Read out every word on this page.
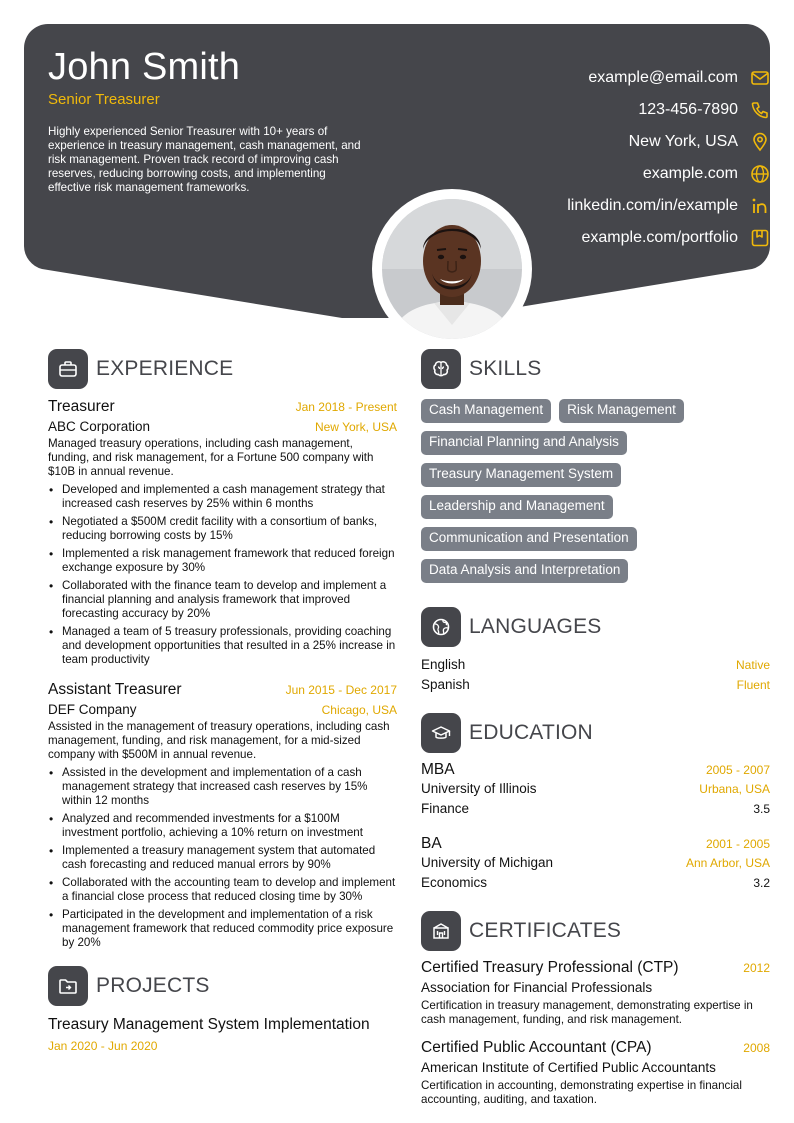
John Smith
Senior Treasurer
Highly experienced Senior Treasurer with 10+ years of experience in treasury management, cash management, and risk management. Proven track record of improving cash reserves, reducing borrowing costs, and implementing effective risk management frameworks.
example@email.com
123-456-7890
New York, USA
example.com
linkedin.com/in/example
example.com/portfolio
EXPERIENCE
Treasurer	Jan 2018 - Present
ABC Corporation	New York, USA
Managed treasury operations, including cash management, funding, and risk management, for a Fortune 500 company with $10B in annual revenue.
• Developed and implemented a cash management strategy that increased cash reserves by 25% within 6 months
• Negotiated a $500M credit facility with a consortium of banks, reducing borrowing costs by 15%
• Implemented a risk management framework that reduced foreign exchange exposure by 30%
• Collaborated with the finance team to develop and implement a financial planning and analysis framework that improved forecasting accuracy by 20%
• Managed a team of 5 treasury professionals, providing coaching and development opportunities that resulted in a 25% increase in team productivity
Assistant Treasurer	Jun 2015 - Dec 2017
DEF Company	Chicago, USA
Assisted in the management of treasury operations, including cash management, funding, and risk management, for a mid-sized company with $500M in annual revenue.
• Assisted in the development and implementation of a cash management strategy that increased cash reserves by 15% within 12 months
• Analyzed and recommended investments for a $100M investment portfolio, achieving a 10% return on investment
• Implemented a treasury management system that automated cash forecasting and reduced manual errors by 90%
• Collaborated with the accounting team to develop and implement a financial close process that reduced closing time by 30%
• Participated in the development and implementation of a risk management framework that reduced commodity price exposure by 20%
PROJECTS
Treasury Management System Implementation
Jan 2020 - Jun 2020
SKILLS
Cash Management	Risk Management
Financial Planning and Analysis
Treasury Management System
Leadership and Management
Communication and Presentation
Data Analysis and Interpretation
LANGUAGES
English	Native
Spanish	Fluent
EDUCATION
MBA	2005 - 2007
University of Illinois	Urbana, USA
Finance	3.5
BA	2001 - 2005
University of Michigan	Ann Arbor, USA
Economics	3.2
CERTIFICATES
Certified Treasury Professional (CTP)	2012
Association for Financial Professionals
Certification in treasury management, demonstrating expertise in cash management, funding, and risk management.
Certified Public Accountant (CPA)	2008
American Institute of Certified Public Accountants
Certification in accounting, demonstrating expertise in financial accounting, auditing, and taxation.
